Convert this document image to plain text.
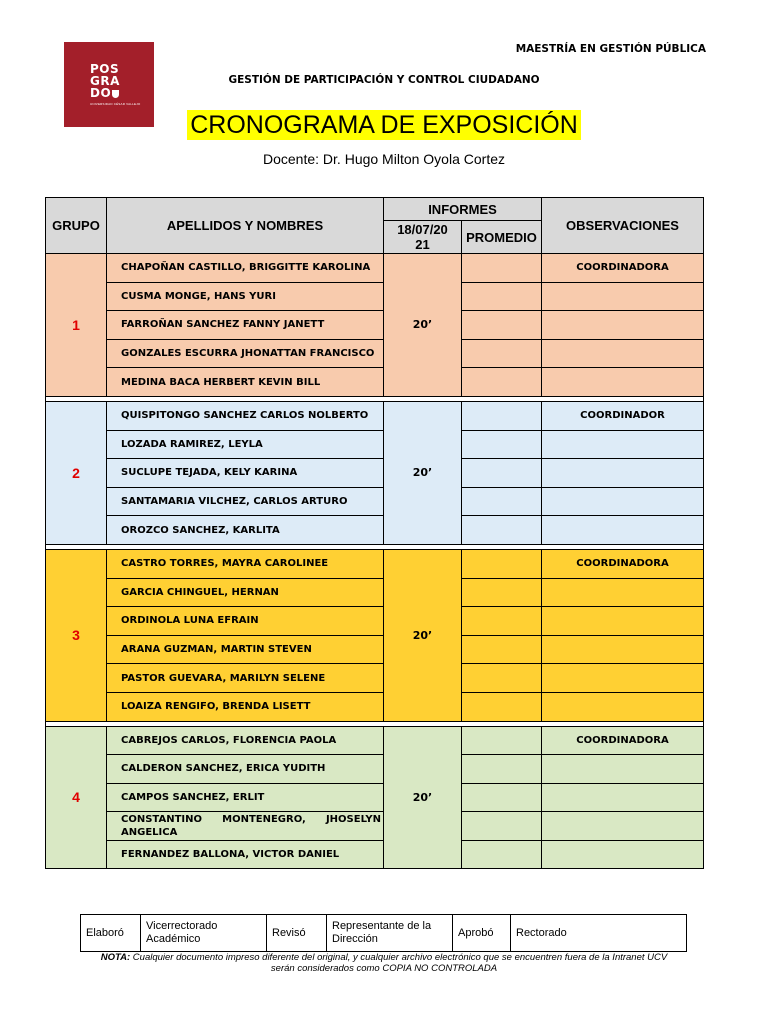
POS
GRA
DO
UNIVERSIDAD CÉSAR VALLEJO
MAESTRÍA EN GESTIÓN PÚBLICA
GESTIÓN DE PARTICIPACIÓN Y CONTROL CIUDADANO
CRONOGRAMA DE EXPOSICIÓN
Docente: Dr. Hugo Milton Oyola Cortez
GRUPO	APELLIDOS Y NOMBRES	INFORMES		OBSERVACIONES
		18/07/20
21	PROMEDIO	
1	CHAPOÑAN CASTILLO, BRIGGITTE KAROLINA	20’		COORDINADORA
	CUSMA MONGE, HANS YURI			
	FARROÑAN SANCHEZ FANNY JANETT			
	GONZALES ESCURRA JHONATTAN FRANCISCO			
	MEDINA BACA HERBERT KEVIN BILL			

2	QUISPITONGO SANCHEZ CARLOS NOLBERTO	20’		COORDINADOR
	LOZADA RAMIREZ, LEYLA			
	SUCLUPE TEJADA, KELY KARINA			
	SANTAMARIA VILCHEZ, CARLOS ARTURO			
	OROZCO SANCHEZ, KARLITA			

3	CASTRO TORRES, MAYRA CAROLINEE	20’		COORDINADORA
	GARCIA CHINGUEL, HERNAN			
	ORDINOLA LUNA EFRAIN			
	ARANA GUZMAN, MARTIN STEVEN			
	PASTOR GUEVARA, MARILYN SELENE			
	LOAIZA RENGIFO, BRENDA LISETT			

4	CABREJOS CARLOS, FLORENCIA PAOLA	20’		COORDINADORA
	CALDERON SANCHEZ, ERICA YUDITH			
	CAMPOS SANCHEZ, ERLIT			
	CONSTANTINO MONTENEGRO, JHOSELYN ANGELICA			
	FERNANDEZ BALLONA, VICTOR DANIEL			
Elaboró	Vicerrectorado Académico	Revisó	Representante de la Dirección	Aprobó	Rectorado
NOTA: Cualquier documento impreso diferente del original, y cualquier archivo electrónico que se encuentren fuera de la Intranet UCV
serán considerados como COPIA NO CONTROLADA
